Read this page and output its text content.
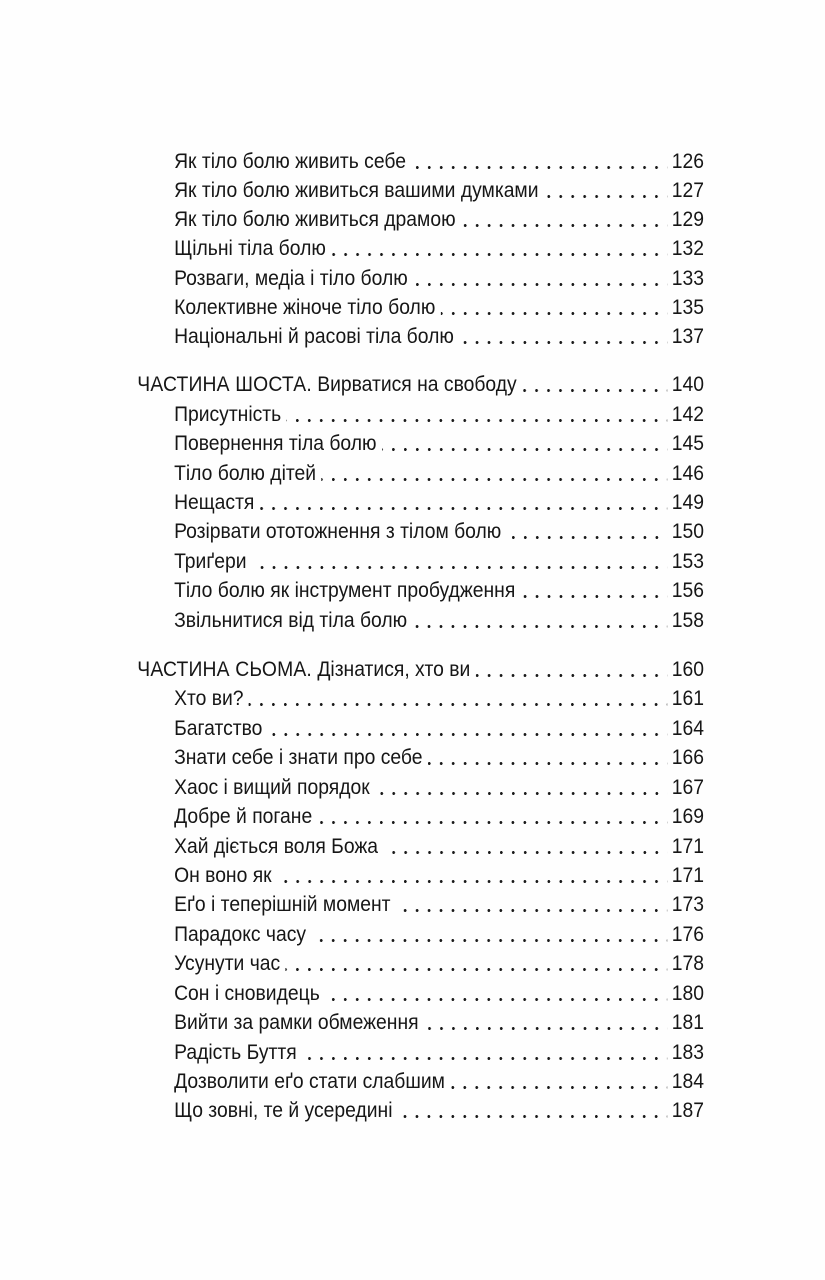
Як тіло болю живить себе	126
Як тіло болю живиться вашими думками	127
Як тіло болю живиться драмою	129
Щільні тіла болю	132
Розваги, медіа і тіло болю	133
Колективне жіноче тіло болю	135
Національні й расові тіла болю	137
ЧАСТИНА ШОСТА . Вирватися на свободу	140
Присутність	142
Повернення тіла болю	145
Тіло болю дітей	146
Нещастя	149
Розірвати ототожнення з тілом болю	150
Триґери	153
Тіло болю як інструмент пробудження	156
Звільнитися від тіла болю	158
ЧАСТИНА СЬОМА . Дізнатися, хто ви	160
Хто ви?	161
Багатство	164
Знати себе і знати про себе	166
Хаос і вищий порядок	167
Добре й погане	169
Хай діється воля Божа	171
Он воно як	171
Еґо і теперішній момент	173
Парадокс часу	176
Усунути час	178
Сон і сновидець	180
Вийти за рамки обмеження	181
Радість Буття	183
Дозволити еґо стати слабшим	184
Що зовні, те й усередині	187
